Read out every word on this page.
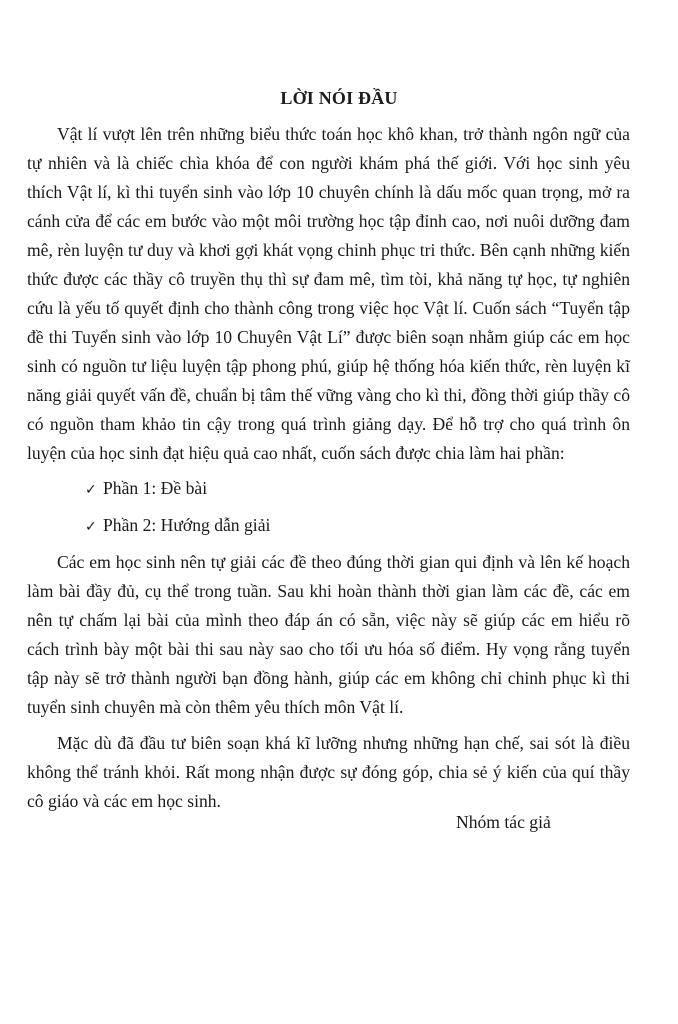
LỜI NÓI ĐẦU

Vật lí vượt lên trên những biểu thức toán học khô khan, trở thành ngôn ngữ của tự nhiên và là chiếc chìa khóa để con người khám phá thế giới. Với học sinh yêu thích Vật lí, kì thi tuyển sinh vào lớp 10 chuyên chính là dấu mốc quan trọng, mở ra cánh cửa để các em bước vào một môi trường học tập đỉnh cao, nơi nuôi dưỡng đam mê, rèn luyện tư duy và khơi gợi khát vọng chinh phục tri thức. Bên cạnh những kiến thức được các thầy cô truyền thụ thì sự đam mê, tìm tòi, khả năng tự học, tự nghiên cứu là yếu tố quyết định cho thành công trong việc học Vật lí. Cuốn sách “Tuyển tập đề thi Tuyển sinh vào lớp 10 Chuyên Vật Lí” được biên soạn nhằm giúp các em học sinh có nguồn tư liệu luyện tập phong phú, giúp hệ thống hóa kiến thức, rèn luyện kĩ năng giải quyết vấn đề, chuẩn bị tâm thế vững vàng cho kì thi, đồng thời giúp thầy cô có nguồn tham khảo tin cậy trong quá trình giảng dạy. Để hỗ trợ cho quá trình ôn luyện của học sinh đạt hiệu quả cao nhất, cuốn sách được chia làm hai phần:

✓ Phần 1: Đề bài
✓ Phần 2: Hướng dẫn giải

Các em học sinh nên tự giải các đề theo đúng thời gian qui định và lên kế hoạch làm bài đầy đủ, cụ thể trong tuần. Sau khi hoàn thành thời gian làm các đề, các em nên tự chấm lại bài của mình theo đáp án có sẵn, việc này sẽ giúp các em hiểu rõ cách trình bày một bài thi sau này sao cho tối ưu hóa số điểm. Hy vọng rằng tuyển tập này sẽ trở thành người bạn đồng hành, giúp các em không chỉ chinh phục kì thi tuyển sinh chuyên mà còn thêm yêu thích môn Vật lí.

Mặc dù đã đầu tư biên soạn khá kĩ lưỡng nhưng những hạn chế, sai sót là điều không thể tránh khỏi. Rất mong nhận được sự đóng góp, chia sẻ ý kiến của quí thầy cô giáo và các em học sinh.

Nhóm tác giả
